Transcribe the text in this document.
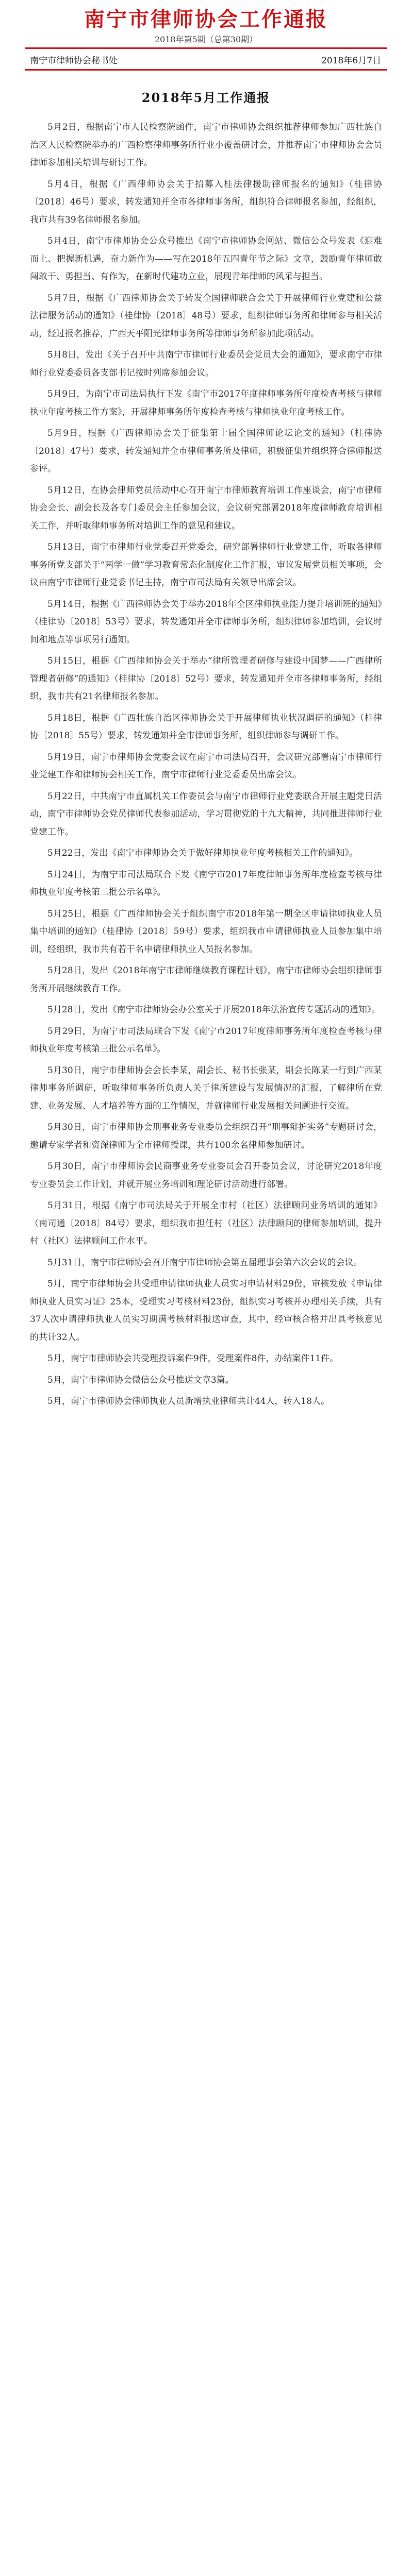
南宁市律师协会工作通报
2018年第5期（总第30期）
南宁市律师协会秘书处	2018年6月7日
2018年5月工作通报

5月2日，根据南宁市人民检察院函件，南宁市律师协会组织推荐律师参加广西壮族自治区人民检察院举办的广西检察律师事务所行业小覆盖研讨会，并推荐南宁市律师协会会员律师参加相关培训与研讨工作。

5月4日，根据《广西律师协会关于招募入桂法律援助律师报名的通知》（桂律协〔2018〕46号）要求，转发通知并全市各律师事务所，组织符合律师报名参加，经组织，我市共有39名律师报名参加。

5月4日，南宁市律师协会公众号推出《南宁市律师协会网站、微信公众号发表《迎难而上、把握新机遇，奋力新作为——写在2018年五四青年节之际》文章，鼓励青年律师敢闯敢干、勇担当、有作为，在新时代建功立业，展现青年律师的风采与担当。

5月7日，根据《广西律师协会关于转发全国律师联合会关于开展律师行业党建和公益法律服务活动的通知》（桂律协〔2018〕48号）要求，组织律师事务所和律师参与相关活动，经过报名推荐，广西天平阳光律师事务所等律师事务所参加此项活动。

5月8日，发出《关于召开中共南宁市律师行业委员会党员大会的通知》，要求南宁市律师行业党委委员各支部书记按时列席参加会议。

5月9日，为南宁市司法局执行下发《南宁市2017年度律师事务所年度检查考核与律师执业年度考核工作方案》，开展律师事务所年度检查考核与律师执业年度考核工作。

5月9日，根据《广西律师协会关于征集第十届全国律师论坛论文的通知》（桂律协〔2018〕47号）要求，转发通知并全市律师事务所及律师，积极征集并组织符合律师报送参评。

5月12日，在协会律师党员活动中心召开南宁市律师教育培训工作座谈会，南宁市律师协会会长、副会长及各专门委员会主任参加会议，会议研究部署2018年度律师教育培训相关工作，并听取律师事务所对培训工作的意见和建议。

5月13日，南宁市律师行业党委召开党委会，研究部署律师行业党建工作，听取各律师事务所党支部关于“两学一做”学习教育常态化制度化工作汇报，审议发展党员相关事项，会议由南宁市律师行业党委书记主持，南宁市司法局有关领导出席会议。

5月14日，根据《广西律师协会关于举办2018年全区律师执业能力提升培训班的通知》（桂律协〔2018〕53号）要求，转发通知并全市律师事务所，组织律师参加培训，会议时间和地点等事项另行通知。

5月15日，根据《广西律师协会关于举办“律所管理者研修与建设中国梦——广西律所管理者研修”的通知》（桂律协〔2018〕52号）要求，转发通知并全市各律师事务所，经组织，我市共有21名律师报名参加。

5月18日，根据《广西壮族自治区律师协会关于开展律师执业状况调研的通知》（桂律协〔2018〕55号）要求，转发通知并全市律师事务所，组织律师参与调研工作。

5月19日，南宁市律师协会党委会议在南宁市司法局召开，会议研究部署南宁市律师行业党建工作和律师协会相关工作，南宁市律师行业党委委员出席会议。

5月22日，中共南宁市直属机关工作委员会与南宁市律师行业党委联合开展主题党日活动，南宁市律师协会党员律师代表参加活动，学习贯彻党的十九大精神，共同推进律师行业党建工作。

5月22日，发出《南宁市律师协会关于做好律师执业年度考核相关工作的通知》。

5月24日，为南宁市司法局联合下发《南宁市2017年度律师事务所年度检查考核与律师执业年度考核第二批公示名单》。

5月25日，根据《广西律师协会关于组织南宁市2018年第一期全区申请律师执业人员集中培训的通知》（桂律协〔2018〕59号）要求，组织我市申请律师执业人员参加集中培训，经组织，我市共有若干名申请律师执业人员报名参加。

5月28日，发出《2018年南宁市律师继续教育课程计划》，南宁市律师协会组织律师事务所开展继续教育工作。

5月28日，发出《南宁市律师协会办公室关于开展2018年法治宣传专题活动的通知》。

5月29日，为南宁市司法局联合下发《南宁市2017年度律师事务所年度检查考核与律师执业年度考核第三批公示名单》。

5月30日，南宁市律师协会会长李某，副会长、秘书长张某，副会长陈某一行到广西某律师事务所调研，听取律师事务所负责人关于律所建设与发展情况的汇报，了解律所在党建、业务发展、人才培养等方面的工作情况，并就律师行业发展相关问题进行交流。

5月30日，南宁市律师协会刑事业务专业委员会组织召开“刑事辩护实务”专题研讨会，邀请专家学者和资深律师为全市律师授课，共有100余名律师参加研讨。

5月30日，南宁市律师协会民商事业务专业委员会召开委员会议，讨论研究2018年度专业委员会工作计划，并就开展业务培训和理论研讨活动进行部署。

5月31日，根据《南宁市司法局关于开展全市村（社区）法律顾问业务培训的通知》（南司通〔2018〕84号）要求，组织我市担任村（社区）法律顾问的律师参加培训，提升村（社区）法律顾问工作水平。

5月31日，南宁市律师协会召开南宁市律师协会第五届理事会第六次会议的会议。

5月，南宁市律师协会共受理申请律师执业人员实习申请材料29份，审核发放《申请律师执业人员实习证》25本，受理实习考核材料23份，组织实习考核并办理相关手续，共有37人次申请律师执业人员实习期满考核材料报送审查，其中，经审核合格并出具考核意见的共计32人。

5月，南宁市律师协会共受理投诉案件9件，受理案件8件，办结案件11件。

5月，南宁市律师协会微信公众号推送文章3篇。

5月，南宁市律师协会律师执业人员新增执业律师共计44人，转入18人。
